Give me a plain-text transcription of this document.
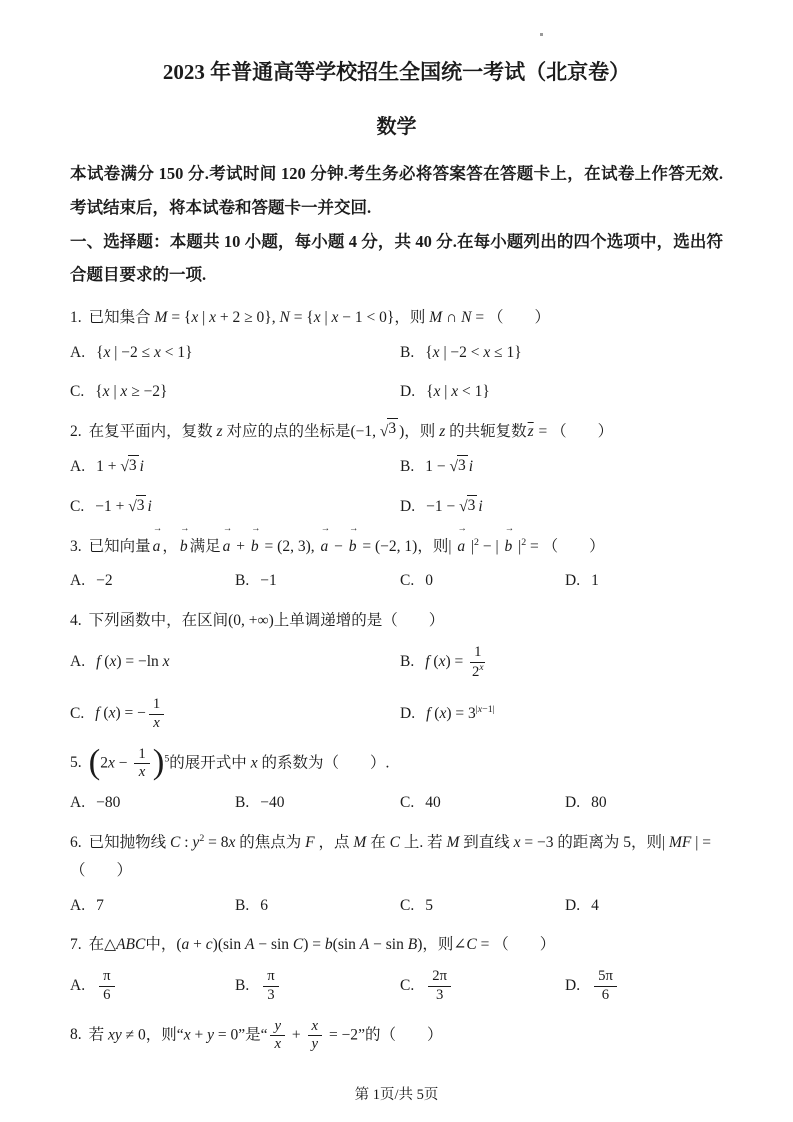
2023 年普通高等学校招生全国统一考试（北京卷）
数学

本试卷满分 150 分.考试时间 120 分钟.考生务必将答案答在答题卡上，在试卷上作答无效.考试结束后，将本试卷和答题卡一并交回.

一、选择题：本题共 10 小题，每小题 4 分，共 40 分.在每小题列出的四个选项中，选出符合题目要求的一项.

1. 已知集合 M = {x | x + 2 ≥ 0}, N = {x | x − 1 < 0}，则 M ∩ N = （　　）
A. {x | −2 ≤ x < 1}	B. {x | −2 < x ≤ 1}
C. {x | x ≥ −2}	D. {x | x < 1}
2. 在复平面内，复数 z 对应的点的坐标是(−1, √ 3 )，则 z 的共轭复数$\overline{z}$ = （　　）
A. 1 + √ 3 i	B. 1 − √ 3 i
C. −1 + √ 3 i	D. −1 − √ 3 i
3. 已知向量
→
a ，
→
b 满足
→
a +
→
b = (2, 3),
→
a −
→
b = (−2, 1)，则|
→
a $|^2$ − |
→
b $|^2$ = （　　）
A. −2	B. −1	C. 0	D. 1
4. 下列函数中，在区间(0, +∞)上单调递增的是（　　）
A. f (x) = −ln x	B. f $(x) = \frac{1}{2^x}$
C. f (x) = − $\frac{1}{x}$	D. f $(x) = 3^{|x-1|}$
5. $(2x - \frac{1}{x} )^5$的展开式中 x 的系数为（　　）.
A. −80	B. −40	C. 40	D. 80
6. 已知抛物线 C : $y^2 = 8x$ 的焦点为 F ，点 M 在 C 上. 若 M 到直线 x = −3 的距离为 5，则| MF | = （　　）
A. 7	B. 6	C. 5	D. 4
7. 在△ABC中，(a + c)(sin A − sin C) = b(sin A − sin B)，则∠C = （　　）
A. $\frac{\pi}{6}$	B. $\frac{\pi}{3}$	C. $\frac{2\pi}{3}$	D. $\frac{5\pi}{6}$
8. 若 xy ≠ 0，则“x + y = 0”是“ $\frac{y}{x} + \frac{x}{y} = -2$”的（　　）
第 1页/共 5页
